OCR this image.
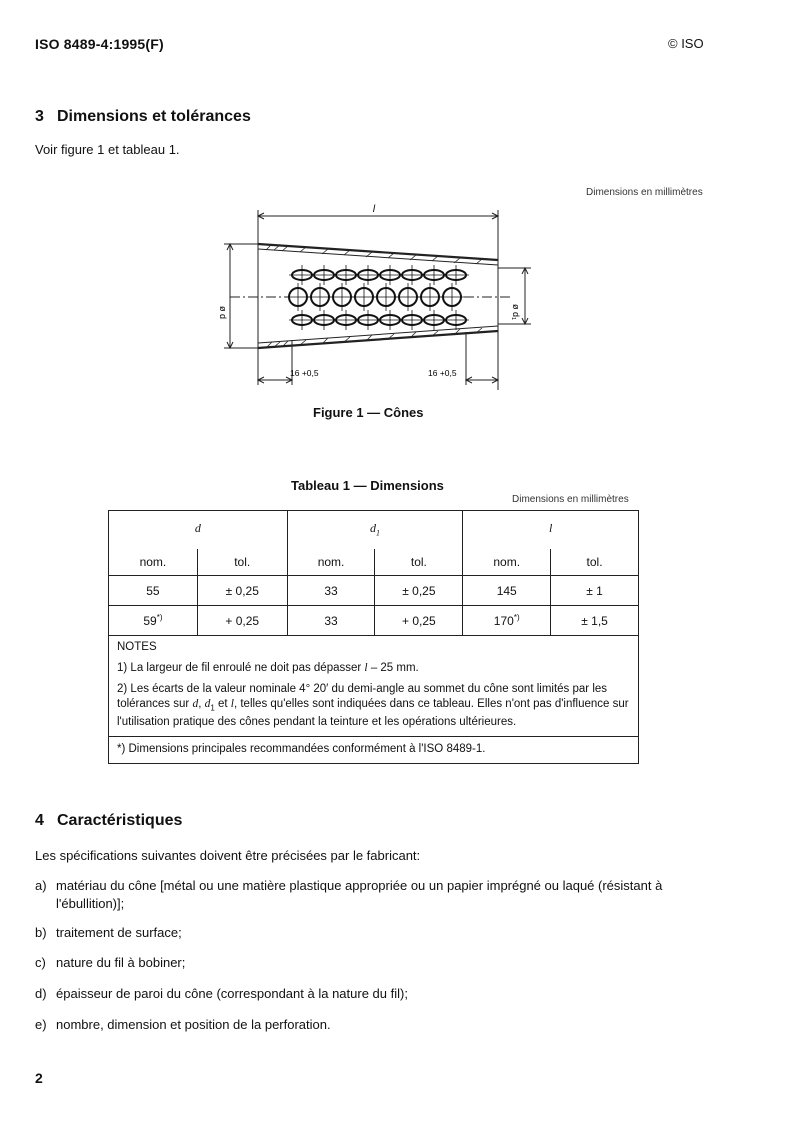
ISO 8489-4:1995(F)	© ISO
3 Dimensions et tolérances
Voir figure 1 et tableau 1.
Dimensions en millimètres
l
ø d	ø d₁
16 +0,5	16 +0,5
Figure 1 — Cônes
Tableau 1 — Dimensions
Dimensions en millimètres
d		$d_1$		l	
nom.	tol.	nom.	tol.	nom.	tol.
55	± 0,25	33	± 0,25	145	± 1
59*)	+ 0,25	33	+ 0,25	170*)	± 1,5

NOTES
1) La largeur de fil enroulé ne doit pas dépasser l – 25 mm.
2) Les écarts de la valeur nominale 4° 20′ du demi-angle au sommet du cône sont limités par les tolérances sur d, $d_1$ et l, telles qu'elles sont indiquées dans ce tableau. Elles n'ont pas d'influence sur l'utilisation pratique des cônes pendant la teinture et les opérations ultérieures.					

*) Dimensions principales recommandées conformément à l'ISO 8489-1.					
4 Caractéristiques
Les spécifications suivantes doivent être précisées par le fabricant:
a) matériau du cône [métal ou une matière plastique appropriée ou un papier imprégné ou laqué (résistant à l'ébullition)];
b) traitement de surface;
c) nature du fil à bobiner;
d) épaisseur de paroi du cône (correspondant à la nature du fil);
e) nombre, dimension et position de la perforation.
2
